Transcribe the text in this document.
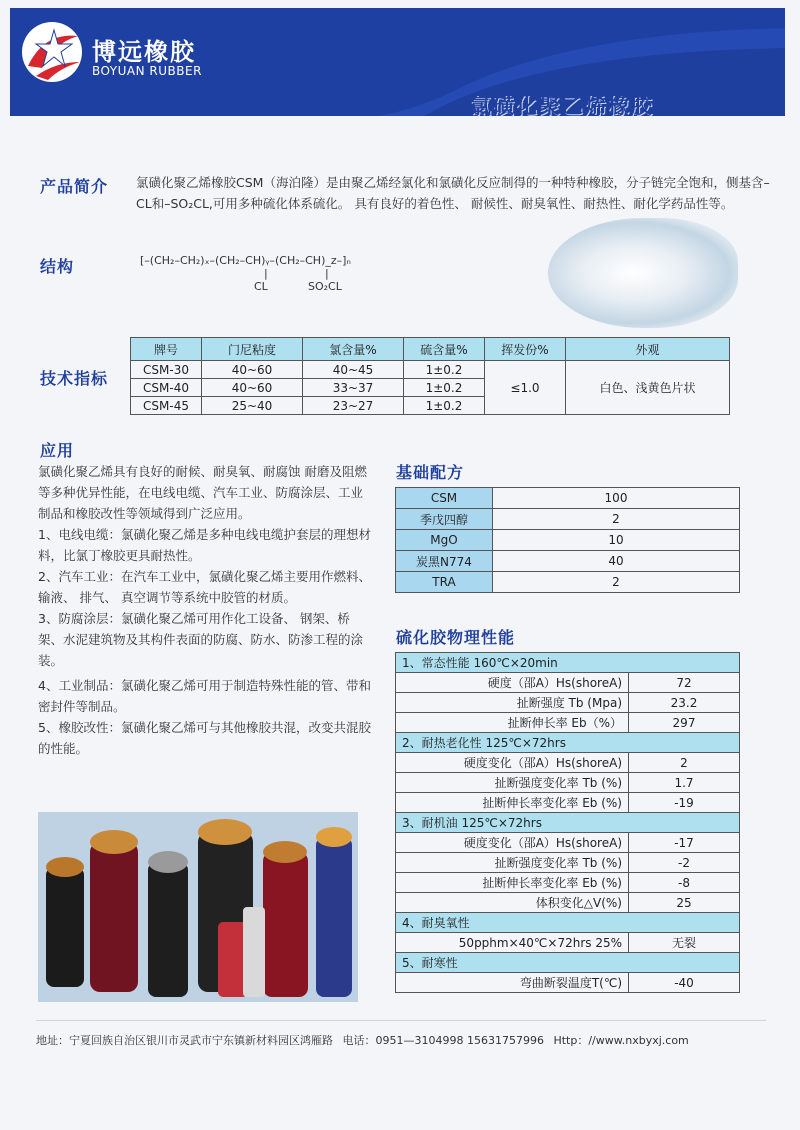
博远橡胶
BOYUAN RUBBER
氯磺化聚乙烯橡胶
产品简介 氯磺化聚乙烯橡胶CSM（海泊隆）是由聚乙烯经氯化和氯磺化反应制得的一种特种橡胶，分子链完全饱和，侧基含–CL和–SO₂CL,可用多种硫化体系硫化。 具有良好的着色性、 耐候性、耐臭氧性、耐热性、耐化学药品性等。
结构	[–(CH₂–CH₂)ₓ–(CH₂–CH)ᵧ–(CH₂–CH)_z–]ₙ
|	|
CL	SO₂CL
技术指标
牌号	门尼粘度	氯含量%	硫含量%	挥发份%	外观
CSM-30	40~60	40~45	1±0.2	≤1.0	白色、浅黄色片状
CSM-40	40~60	33~37	1±0.2		
CSM-45	25~40	23~27	1±0.2		
应用
氯磺化聚乙烯具有良好的耐候、耐臭氧、耐腐蚀 耐磨及阻燃等多种优异性能，在电线电缆、汽车工业、防腐涂层、工业制品和橡胶改性等领域得到广泛应用。
1、电线电缆：氯磺化聚乙烯是多种电线电缆护套层的理想材料，比氯丁橡胶更具耐热性。
2、汽车工业：在汽车工业中，氯磺化聚乙烯主要用作燃料、输液、 排气、 真空调节等系统中胶管的材质。
3、防腐涂层：氯磺化聚乙烯可用作化工设备、 钢架、桥架、水泥建筑物及其构件表面的防腐、防水、防渗工程的涂装。
4、工业制品：氯磺化聚乙烯可用于制造特殊性能的管、带和密封件等制品。
5、橡胶改性：氯磺化聚乙烯可与其他橡胶共混，改变共混胶的性能。
基础配方
CSM	100
季戊四醇	2
MgO	10
炭黑N774	40
TRA	2
硫化胶物理性能
1、常态性能 160℃×20min	
硬度（邵A）Hs(shoreA)	72
扯断强度 Tb (Mpa)	23.2
扯断伸长率 Eb（%）	297
2、耐热老化性 125℃×72hrs	
硬度变化（邵A）Hs(shoreA)	2
扯断强度变化率 Tb (%)	1.7
扯断伸长率变化率 Eb (%)	-19
3、耐机油 125℃×72hrs	
硬度变化（邵A）Hs(shoreA)	-17
扯断强度变化率 Tb (%)	-2
扯断伸长率变化率 Eb (%)	-8
体积变化△V(%)	25
4、耐臭氧性	
50pphm×40℃×72hrs 25%	无裂
5、耐寒性	
弯曲断裂温度T(℃)	-40
地址：宁夏回族自治区银川市灵武市宁东镇新材料园区鸿雁路 电话：0951—3104998 15631757996 Http：//www.nxbyxj.com
